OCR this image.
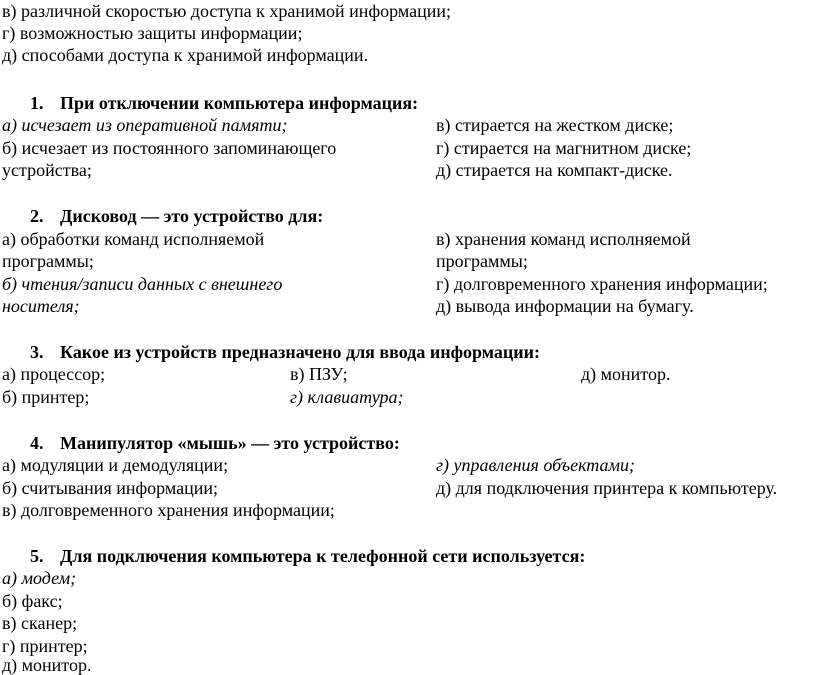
в) различной скоростью доступа к хранимой информации;
г) возможностью защиты информации;
д) способами доступа к хранимой информации.
1. При отключении компьютера информация:
а) исчезает из оперативной памяти;
б) исчезает из постоянного запоминающего
устройства;
в) стирается на жестком диске;
г) стирается на магнитном диске;
д) стирается на компакт-диске.
2. Дисковод — это устройство для:
а) обработки команд исполняемой
программы;
б) чтения/записи данных с внешнего
носителя;
в) хранения команд исполняемой
программы;
г) долговременного хранения информации;
д) вывода информации на бумагу.
3. Какое из устройств предназначено для ввода информации:
а) процессор;
б) принтер;
в) ПЗУ;
г) клавиатура;
д) монитор.
4. Манипулятор «мышь» — это устройство:
а) модуляции и демодуляции;
б) считывания информации;
в) долговременного хранения информации;
г) управления объектами;
д) для подключения принтера к компьютеру.
5. Для подключения компьютера к телефонной сети используется:
а) модем;
б) факс;
в) сканер;
г) принтер;
д) монитор.
